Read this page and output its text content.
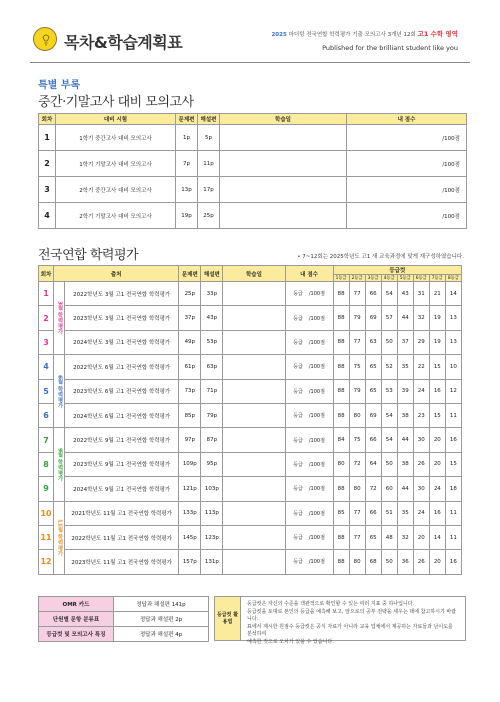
목차&학습계획표	2025 마더텅 전국연합 학력평가 기출 모의고사 3개년 12회 고1 수학 영역
Published for the brilliant student like you
특별 부록
중간·기말고사 대비 모의고사
회차	대비 시험	문제편	해설편	학습일	내 점수
1	1학기 중간고사 대비 모의고사	1p	5p		/100점
2	1학기 기말고사 대비 모의고사	7p	11p		/100점
3	2학기 중간고사 대비 모의고사	13p	17p		/100점
4	2학기 기말고사 대비 모의고사	19p	25p		/100점
전국연합 학력평가	• 7~12회는 2025학년도 고1 새 교육과정에 맞게 재구성하였습니다.
회차	출처		문제편	해설편	학습일	내 점수	등급컷							
							1등급	2등급	3등급	4등급	5등급	6등급	7등급	8등급
1	3월 학력평가	2022학년도 3월 고1 전국연합 학력평가	25p	33p		등급 /100점	88	77	66	54	43	31	21	14
2		2023학년도 3월 고1 전국연합 학력평가	37p	43p		등급 /100점	88	79	69	57	44	32	19	13
3		2024학년도 3월 고1 전국연합 학력평가	49p	53p		등급 /100점	88	77	63	50	37	29	19	13
4	6월 학력평가	2022학년도 6월 고1 전국연합 학력평가	61p	63p		등급 /100점	88	75	65	52	35	22	15	10
5		2023학년도 6월 고1 전국연합 학력평가	73p	71p		등급 /100점	88	79	65	53	39	24	16	12
6		2024학년도 6월 고1 전국연합 학력평가	85p	79p		등급 /100점	88	80	69	54	38	23	15	11
7	9월 학력평가	2022학년도 9월 고1 전국연합 학력평가	97p	87p		등급 /100점	84	75	66	54	44	30	20	16
8		2023학년도 9월 고1 전국연합 학력평가	109p	95p		등급 /100점	80	72	64	50	38	26	20	15
9		2024학년도 9월 고1 전국연합 학력평가	121p	103p		등급 /100점	88	80	72	60	44	30	24	18
10	11월 학력평가	2021학년도 11월 고1 전국연합 학력평가	133p	113p		등급 /100점	85	77	66	51	35	24	16	11
11		2022학년도 11월 고1 전국연합 학력평가	145p	123p		등급 /100점	88	77	65	48	32	20	14	11
12		2023학년도 11월 고1 전국연합 학력평가	157p	131p		등급 /100점	88	80	68	50	36	26	20	16
OMR 카드	정답과 해설편 141p
단원별 문항 분류표	정답과 해설편 2p
등급컷 및 모의고사 특징	정답과 해설편 4p
등급컷 활용법
등급컷은 자신의 수준을 객관적으로 확인할 수 있는 여러 지표 중 하나입니다.
등급컷을 토대로 본인의 등급을 예측해 보고, 앞으로의 공부 전략을 세우는 데에 참고하시기 바랍니다.
표에서 제시한 원점수 등급컷은 공식 자료가 아니라 교육 업체에서 제공하는 자료들과 난이도를 분석하여
예측한 것으로 오차가 있을 수 있습니다.
